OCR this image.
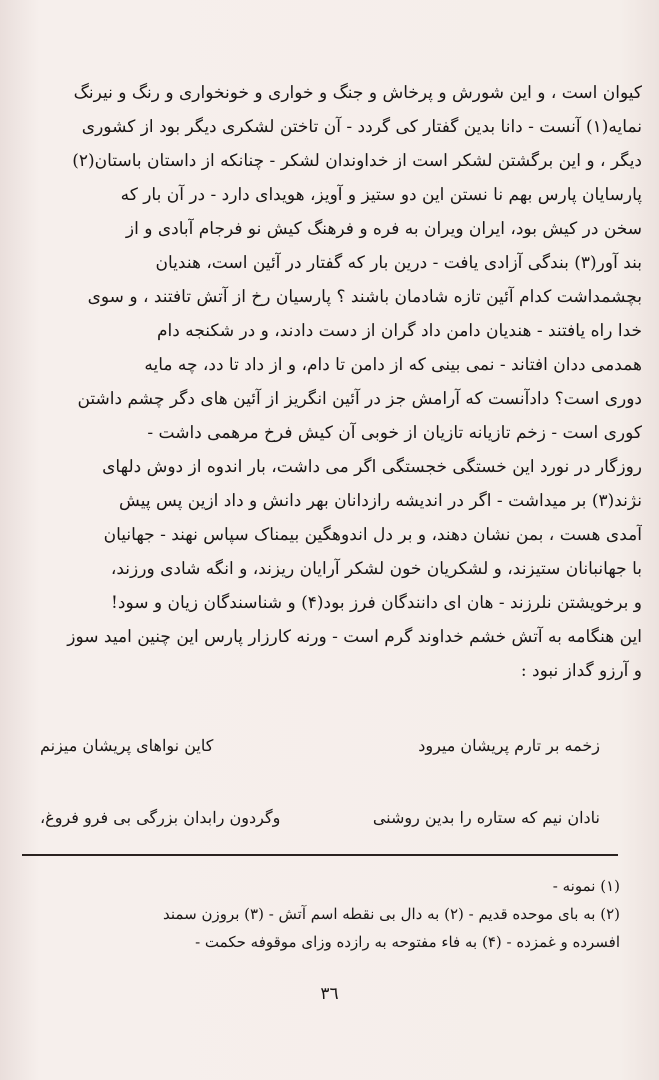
کیوان است ، و این شورش و پرخاش و جنگ و خواری و خونخواری و رنگ و نیرنگ
نمایه(۱) آنست - دانا بدین گفتار کی گردد - آن تاختن لشکری دیگر بود از کشوری
دیگر ، و این برگشتن لشکر است از خداوندان لشکر - چنانکه از داستان باستان(۲)
پارسایان پارس بهم نا نستن این دو ستیز و آویز، هویدای دارد - در آن بار که
سخن در کیش بود، ایران ویران به فره و فرهنگ کیش نو فرجام آبادی و از
بند آور(۳) بندگی آزادی یافت - درین بار که گفتار در آئین است، هندیان
بچشمداشت کدام آئین تازه شادمان باشند ؟ پارسیان رخ از آتش تافتند ، و سوی
خدا راه یافتند - هندیان دامن داد گران از دست دادند، و در شکنجه دام
همدمی ددان افتاند - نمی بینی که از دامن تا دام، و از داد تا دد، چه مایه
دوری است؟ دادآنست که آرامش جز در آئین انگریز از آئین های دگر چشم داشتن
کوری است - زخم تازیانه تازیان از خوبی آن کیش فرخ مرهمی داشت -
روزگار در نورد این خستگی خجستگی اگر می داشت، بار اندوه از دوش دلهای
نژند(۳) بر میداشت - اگر در اندیشه رازدانان بهر دانش و داد ازین پس پیش
آمدی هست ، بمن نشان دهند، و بر دل اندوهگین بیمناک سپاس نهند - جهانیان
با جهانبانان ستیزند، و لشکریان خون لشکر آرایان ریزند، و انگه شادی ورزند،
و برخویشتن نلرزند - هان ای دانندگان فرز بود(۴) و شناسندگان زیان و سود!
این هنگامه به آتش خشم خداوند گرم است - ورنه کارزار پارس این چنین امید سوز
و آرزو گداز نبود :
زخمه بر تارم پریشان میرود
کاین نواهای پریشان میزنم
نادان نیم که ستاره را بدین روشنی
وگردون رابدان بزرگی بی فرو فروغ،
(۱) نمونه -
(۲) به بای موحده قدیم - (۲) به دال بی نقطه اسم آتش - (۳) بروزن سمند
افسرده و غمزده - (۴) به فاء مفتوحه به رازده وزای موقوفه حکمت -
۳٦
